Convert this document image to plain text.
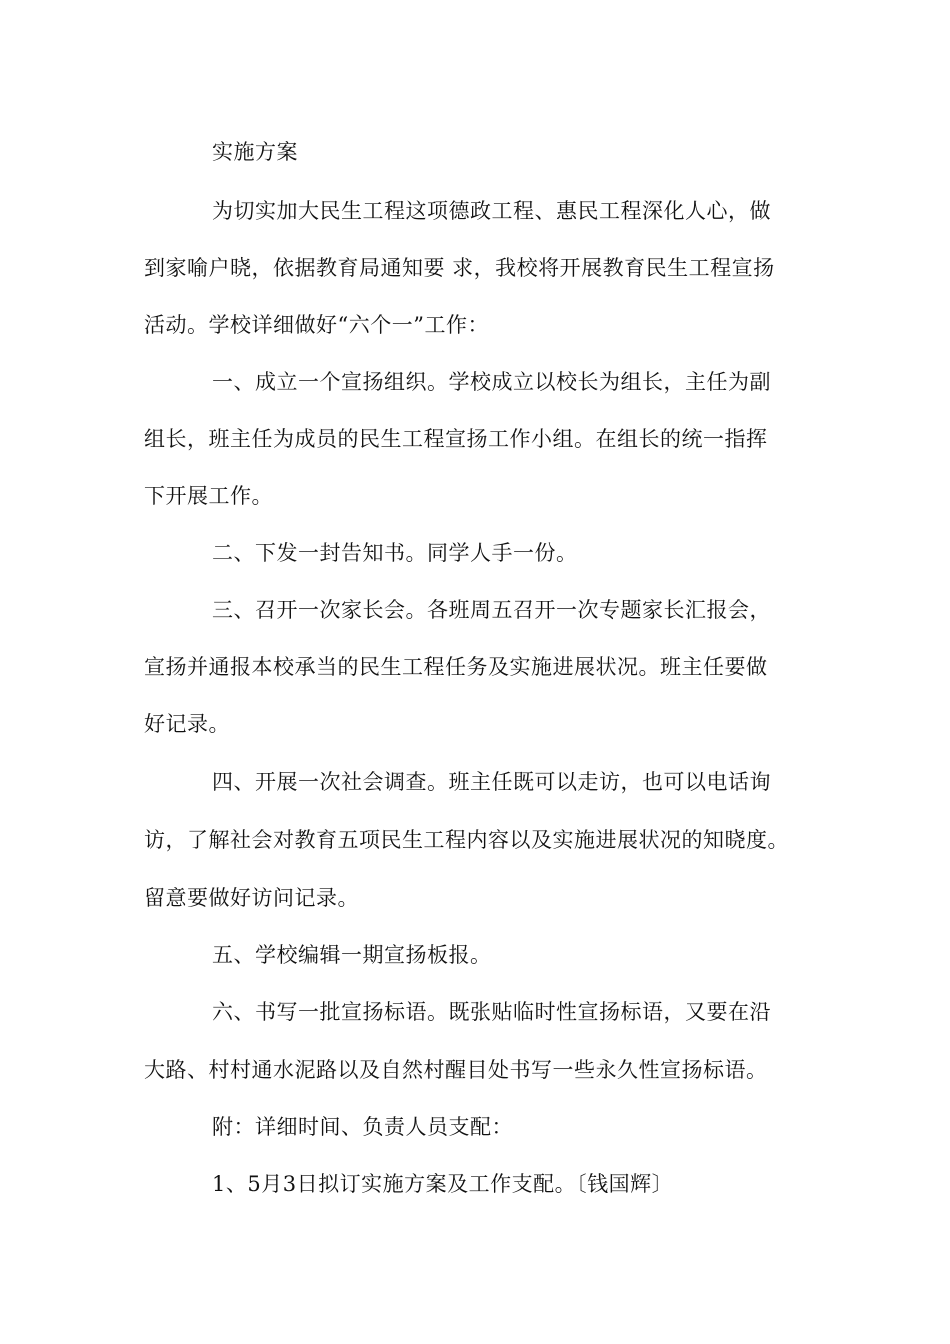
实施方案
为切实加大民生工程这项德政工程、惠民工程深化人心，做
到家喻户晓，依据教育局通知要 求，我校将开展教育民生工程宣扬
活动。学校详细做好“六个一”工作：
一、成立一个宣扬组织。学校成立以校长为组长，主任为副
组长，班主任为成员的民生工程宣扬工作小组。在组长的统一指挥
下开展工作。
二、下发一封告知书。同学人手一份。
三、召开一次家长会。各班周五召开一次专题家长汇报会，
宣扬并通报本校承当的民生工程任务及实施进展状况。班主任要做
好记录。
四、开展一次社会调查。班主任既可以走访，也可以电话询
访，了解社会对教育五项民生工程内容以及实施进展状况的知晓度。
留意要做好访问记录。
五、学校编辑一期宣扬板报。
六、书写一批宣扬标语。既张贴临时性宣扬标语，又要在沿
大路、村村通水泥路以及自然村醒目处书写一些永久性宣扬标语。
附：详细时间、负责人员支配：
1、5月3日拟订实施方案及工作支配。〔钱国辉〕
